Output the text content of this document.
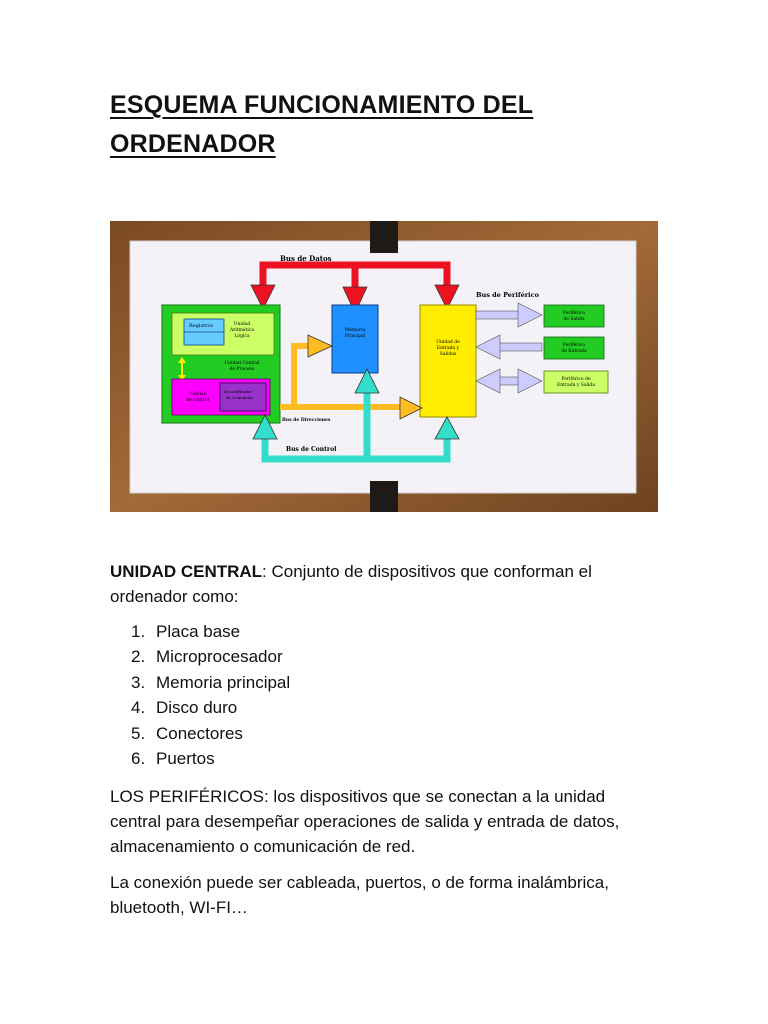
ESQUEMA FUNCIONAMIENTO DEL ORDENADOR
Bus de Datos
Registros	Unidad
Aritmética
Lógica
Unidad Central
de Proceso
Unidad
de control
Decodificador
de Comandos
Memoria
Principal
Unidad de
Entrada y
Salidas
Bus de Direcciones
Bus de Control
Bus de Periférico
Periférico
de Salida
Periférico
de Entrada
Periférico de
Entrada y Salida

UNIDAD CENTRAL: Conjunto de dispositivos que conforman el ordenador como:

1. Placa base
2. Microprocesador
3. Memoria principal
4. Disco duro
5. Conectores
6. Puertos

LOS PERIFÉRICOS: los dispositivos que se conectan a la unidad central para desempeñar operaciones de salida y entrada de datos, almacenamiento o comunicación de red.

La conexión puede ser cableada, puertos, o de forma inalámbrica, bluetooth, WI-FI…
